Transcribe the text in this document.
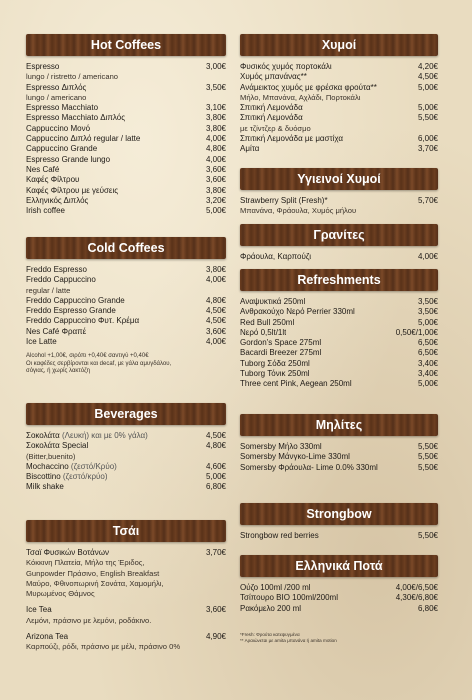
Hot Coffees
Espresso	3,00€
lungo / ristretto / americano
Espresso Διπλός	3,50€
lungo / americano
Espresso Macchiato	3,10€
Espresso Macchiato Διπλός	3,80€
Cappuccino Μονό	3,80€
Cappuccino Διπλό regular / latte	4,00€
Cappuccino Grande	4,80€
Espresso Grande lungo	4,00€
Nes Café	3,60€
Καφές Φίλτρου	3,60€
Καφές Φίλτρου με γεύσεις	3,80€
Ελληνικός Διπλός	3,20€
Irish coffee	5,00€
Cold Coffees
Freddo Espresso	3,80€
Freddo Cappuccino	4,00€
regular / latte
Freddo Cappuccino Grande	4,80€
Freddo Espresso Grande	4,50€
Freddo Cappuccino Φυτ. Κρέμα	4,50€
Nes Café Φραπέ	3,60€
Ice Latte	4,00€
Alcohol +1,00€, σιρόπι +0,40€ σαντιγύ +0,40€
Οι καφέδες σερβίρονται και decaf, με γάλα αμυγδάλου,
σόγιας, ή χωρίς λακτόζη
Beverages
Σοκολάτα (Λευκή) και με 0% γάλα)	4,50€
Σοκολάτα Special	4,80€
(Bitter,buenito)
Mochaccino (ζεστό/Κρύο)	4,60€
Biscottino (ζεστό/κρύο)	5,00€
Milk shake	6,80€
Τσάι
Τσαϊ Φυσικών Βοτάνων	3,70€
Κόκκινη Πλατεία, Μήλο της Έριδος,
Gunpowder Πράσινο, English Breakfast
Μαύρο, Φθινοπωρινή Σονάτα, Χαμομήλι,
Μυρωμένος Θάμνος
Ice Tea	3,60€
Λεμόνι, πράσινο με λεμόνι, ροδάκινο.
Arizona Tea	4,90€
Καρπούζι, ρόδι, πράσινο με μέλι, πράσινο 0%
Χυμοί
Φυσικός χυμός πορτοκάλι	4,20€
Χυμός μπανάνας**	4,50€
Ανάμεικτος χυμός με φρέσκα φρούτα**	5,00€
Μήλο, Μπανάνα, Αχλάδι, Πορτοκάλι
Σπιτική Λεμονάδα	5,00€
Σπιτική Λεμονάδα	5,50€
με τζίντζερ & δυόσμο
Σπιτική Λεμονάδα με μαστίχα	6,00€
Αμίτα	3,70€
Υγιεινοί Χυμοί
Strawberry Split (Fresh)*	5,70€
Μπανάνα, Φράουλα, Χυμός μήλου
Γρανίτες
Φράουλα, Καρπούζι	4,00€
Refreshments
Αναψυκτικά 250ml	3,50€
Ανθρακούχο Νερό Perrier 330ml	3,50€
Red Bull 250ml	5,00€
Νερό 0,5lt/1lt	0,50€/1,00€
Gordon's Space 275ml	6,50€
Bacardi Breezer 275ml	6,50€
Tuborg Σόδα 250ml	3,40€
Tuborg Τόνικ 250ml	3,40€
Three cent Pink, Aegean 250ml	5,00€
Μηλίτες
Somersby Μήλο 330ml	5,50€
Somersby Μάνγκο-Lime 330ml	5,50€
Somersby Φράουλα- Lime 0.0% 330ml	5,50€
Strongbow
Strongbow red berries	5,50€
Ελληνικά Ποτά
Ούζο 100ml /200 ml	4,00€/6,50€
Τσίπουρο BIO 100ml/200ml	4,30€/6,80€
Ρακόμελο 200 ml	6,80€
*Fresh: Φρούτα κατεψυγμένα
** Αραιώνεται με amita μπανάνα ή amita motion
